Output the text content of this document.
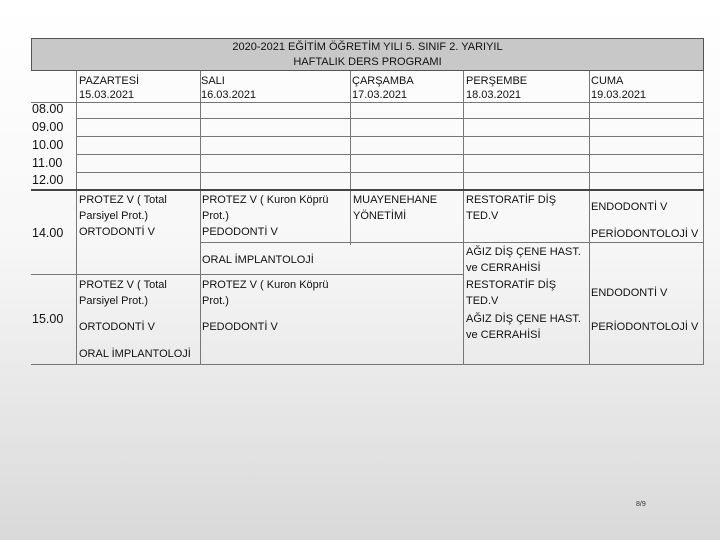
2020-2021 EĞİTİM ÖĞRETİM YILI 5. SINIF 2. YARIYIL
HAFTALIK DERS PROGRAMI
PAZARTESİ
15.03.2021
SALI
16.03.2021
ÇARŞAMBA
17.03.2021
PERŞEMBE
18.03.2021
CUMA
19.03.2021
08.00
09.00
10.00
11.00
12.00
14.00
15.00
PROTEZ V ( Total
Parsiyel Prot.)
ORTODONTİ V
PROTEZ V ( Kuron Köprü
Prot.)
PEDODONTİ V
MUAYENEHANE
YÖNETİMİ
RESTORATİF DİŞ
TED.V
AĞIZ DİŞ ÇENE HAST.
ve CERRAHİSİ
ENDODONTİ V
PERİODONTOLOJİ V
ORAL İMPLANTOLOJİ
PROTEZ V ( Total
Parsiyel Prot.)
ORTODONTİ V
ORAL İMPLANTOLOJİ
PROTEZ V ( Kuron Köprü
Prot.)
PEDODONTİ V
RESTORATİF DİŞ
TED.V
AĞIZ DİŞ ÇENE HAST.
ve CERRAHİSİ
ENDODONTİ V
PERİODONTOLOJİ V
8/9
